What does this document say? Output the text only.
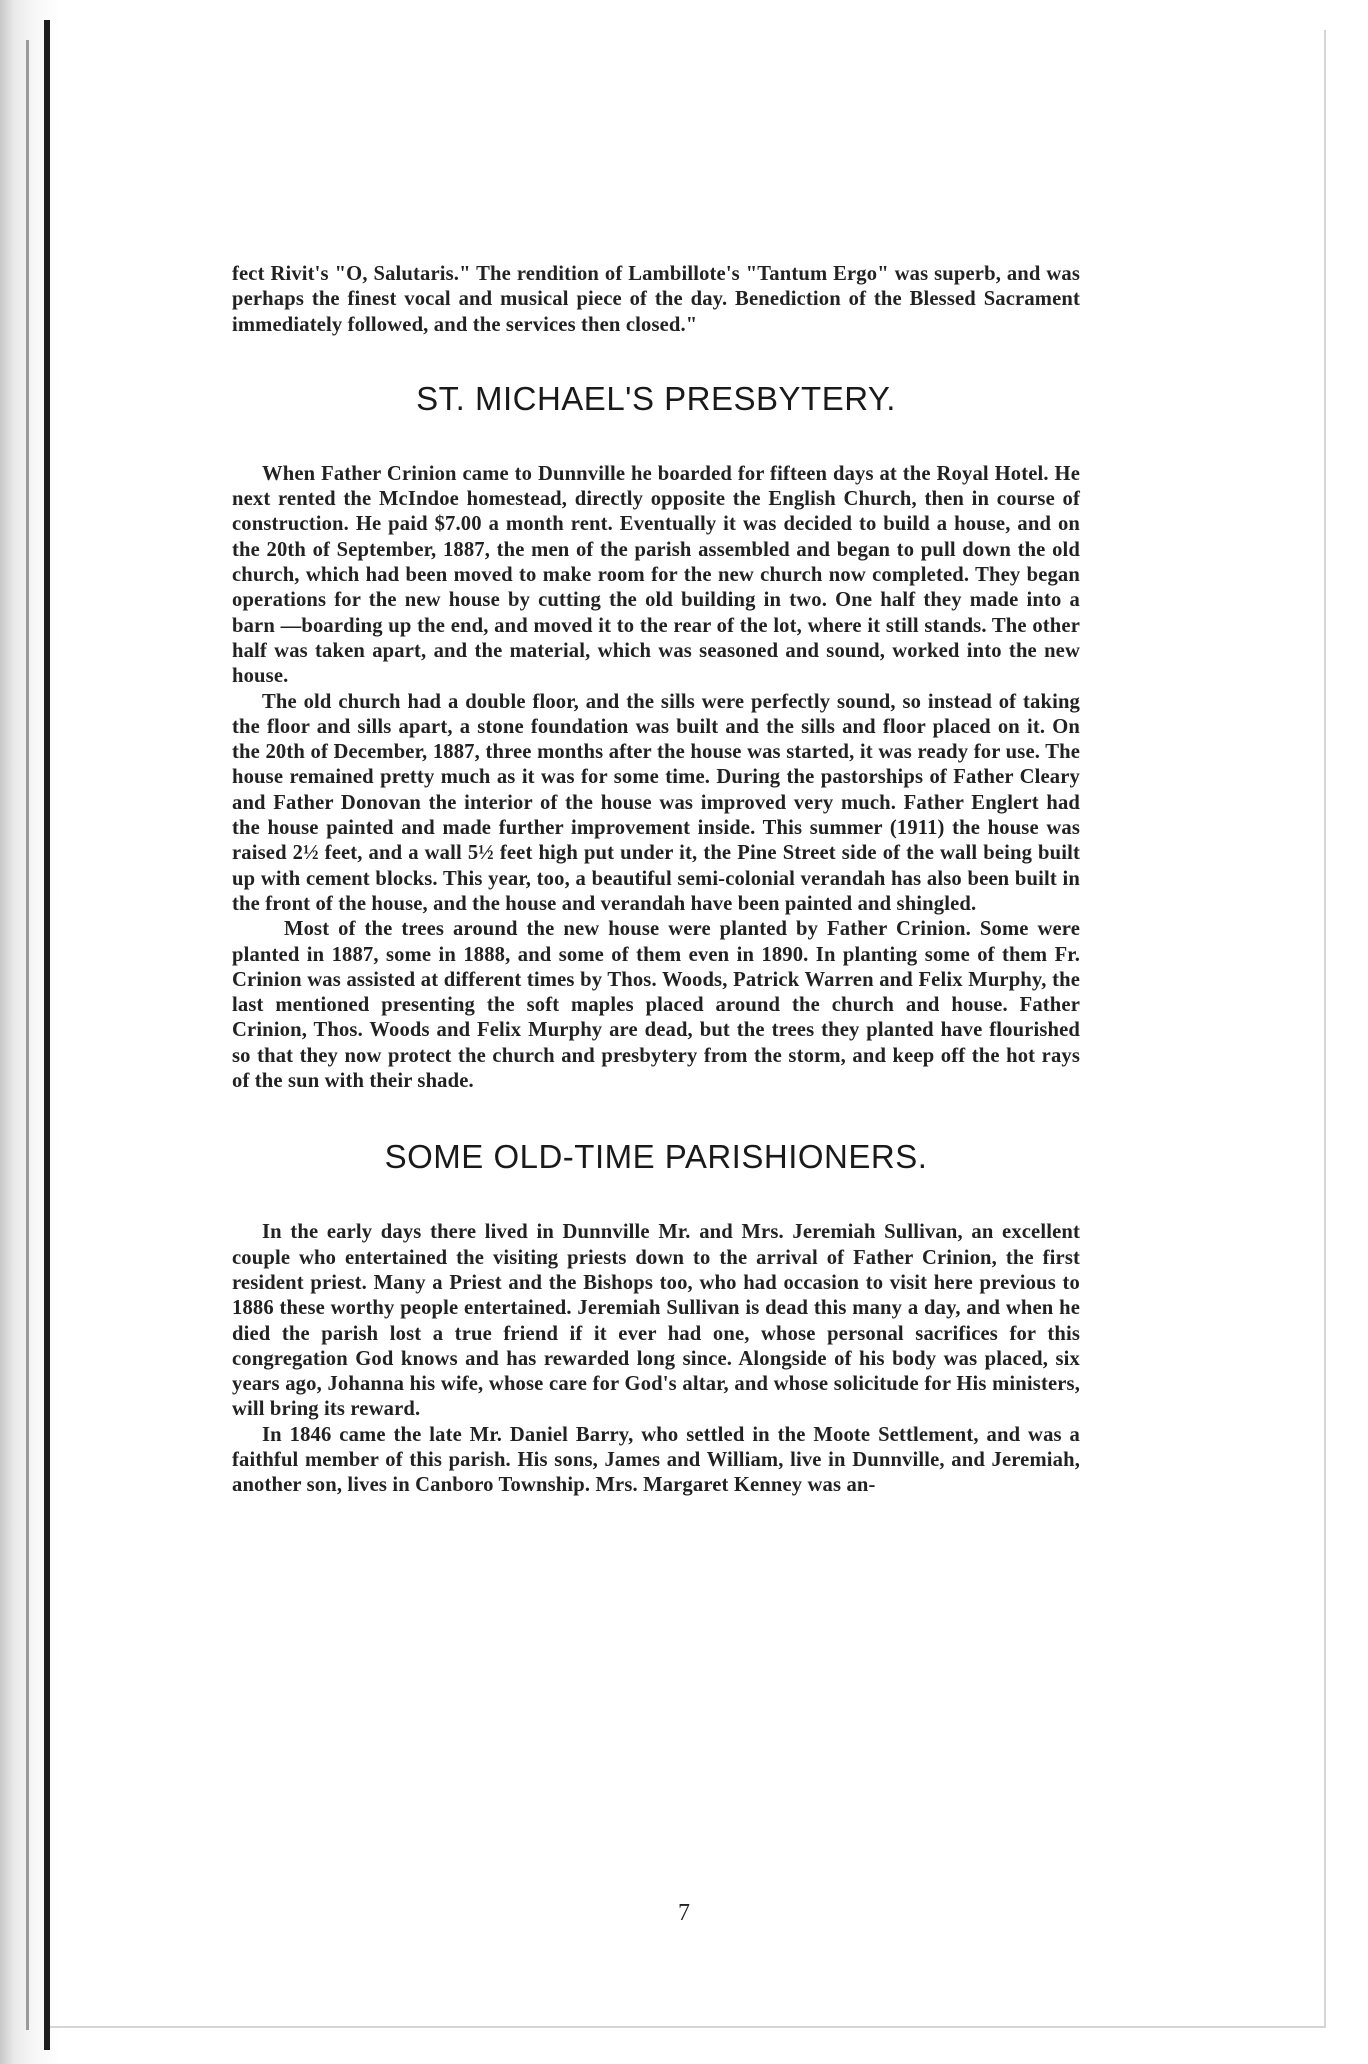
fect Rivit's "O, Salutaris." The rendition of Lambillote's "Tantum Ergo" was superb, and was perhaps the finest vocal and musical piece of the day. Benediction of the Blessed Sacrament immediately followed, and the services then closed."

ST. MICHAEL'S PRESBYTERY.

When Father Crinion came to Dunnville he boarded for fifteen days at the Royal Hotel. He next rented the McIndoe homestead, directly opposite the English Church, then in course of construction. He paid $7.00 a month rent. Eventually it was decided to build a house, and on the 20th of September, 1887, the men of the parish assembled and began to pull down the old church, which had been moved to make room for the new church now completed. They began operations for the new house by cutting the old building in two. One half they made into a barn —boarding up the end, and moved it to the rear of the lot, where it still stands. The other half was taken apart, and the material, which was seasoned and sound, worked into the new house.

The old church had a double floor, and the sills were perfectly sound, so instead of taking the floor and sills apart, a stone foundation was built and the sills and floor placed on it. On the 20th of December, 1887, three months after the house was started, it was ready for use. The house remained pretty much as it was for some time. During the pastorships of Father Cleary and Father Donovan the interior of the house was improved very much. Father Englert had the house painted and made further improvement inside. This summer (1911) the house was raised 2½ feet, and a wall 5½ feet high put under it, the Pine Street side of the wall being built up with cement blocks. This year, too, a beautiful semi-colonial verandah has also been built in the front of the house, and the house and verandah have been painted and shingled.

Most of the trees around the new house were planted by Father Crinion. Some were planted in 1887, some in 1888, and some of them even in 1890. In planting some of them Fr. Crinion was assisted at different times by Thos. Woods, Patrick Warren and Felix Murphy, the last mentioned presenting the soft maples placed around the church and house. Father Crinion, Thos. Woods and Felix Murphy are dead, but the trees they planted have flourished so that they now protect the church and presbytery from the storm, and keep off the hot rays of the sun with their shade.

SOME OLD-TIME PARISHIONERS.

In the early days there lived in Dunnville Mr. and Mrs. Jeremiah Sullivan, an excellent couple who entertained the visiting priests down to the arrival of Father Crinion, the first resident priest. Many a Priest and the Bishops too, who had occasion to visit here previous to 1886 these worthy people entertained. Jeremiah Sullivan is dead this many a day, and when he died the parish lost a true friend if it ever had one, whose personal sacrifices for this congregation God knows and has rewarded long since. Alongside of his body was placed, six years ago, Johanna his wife, whose care for God's altar, and whose solicitude for His ministers, will bring its reward.

In 1846 came the late Mr. Daniel Barry, who settled in the Moote Settlement, and was a faithful member of this parish. His sons, James and William, live in Dunnville, and Jeremiah, another son, lives in Canboro Township. Mrs. Margaret Kenney was an-

7
